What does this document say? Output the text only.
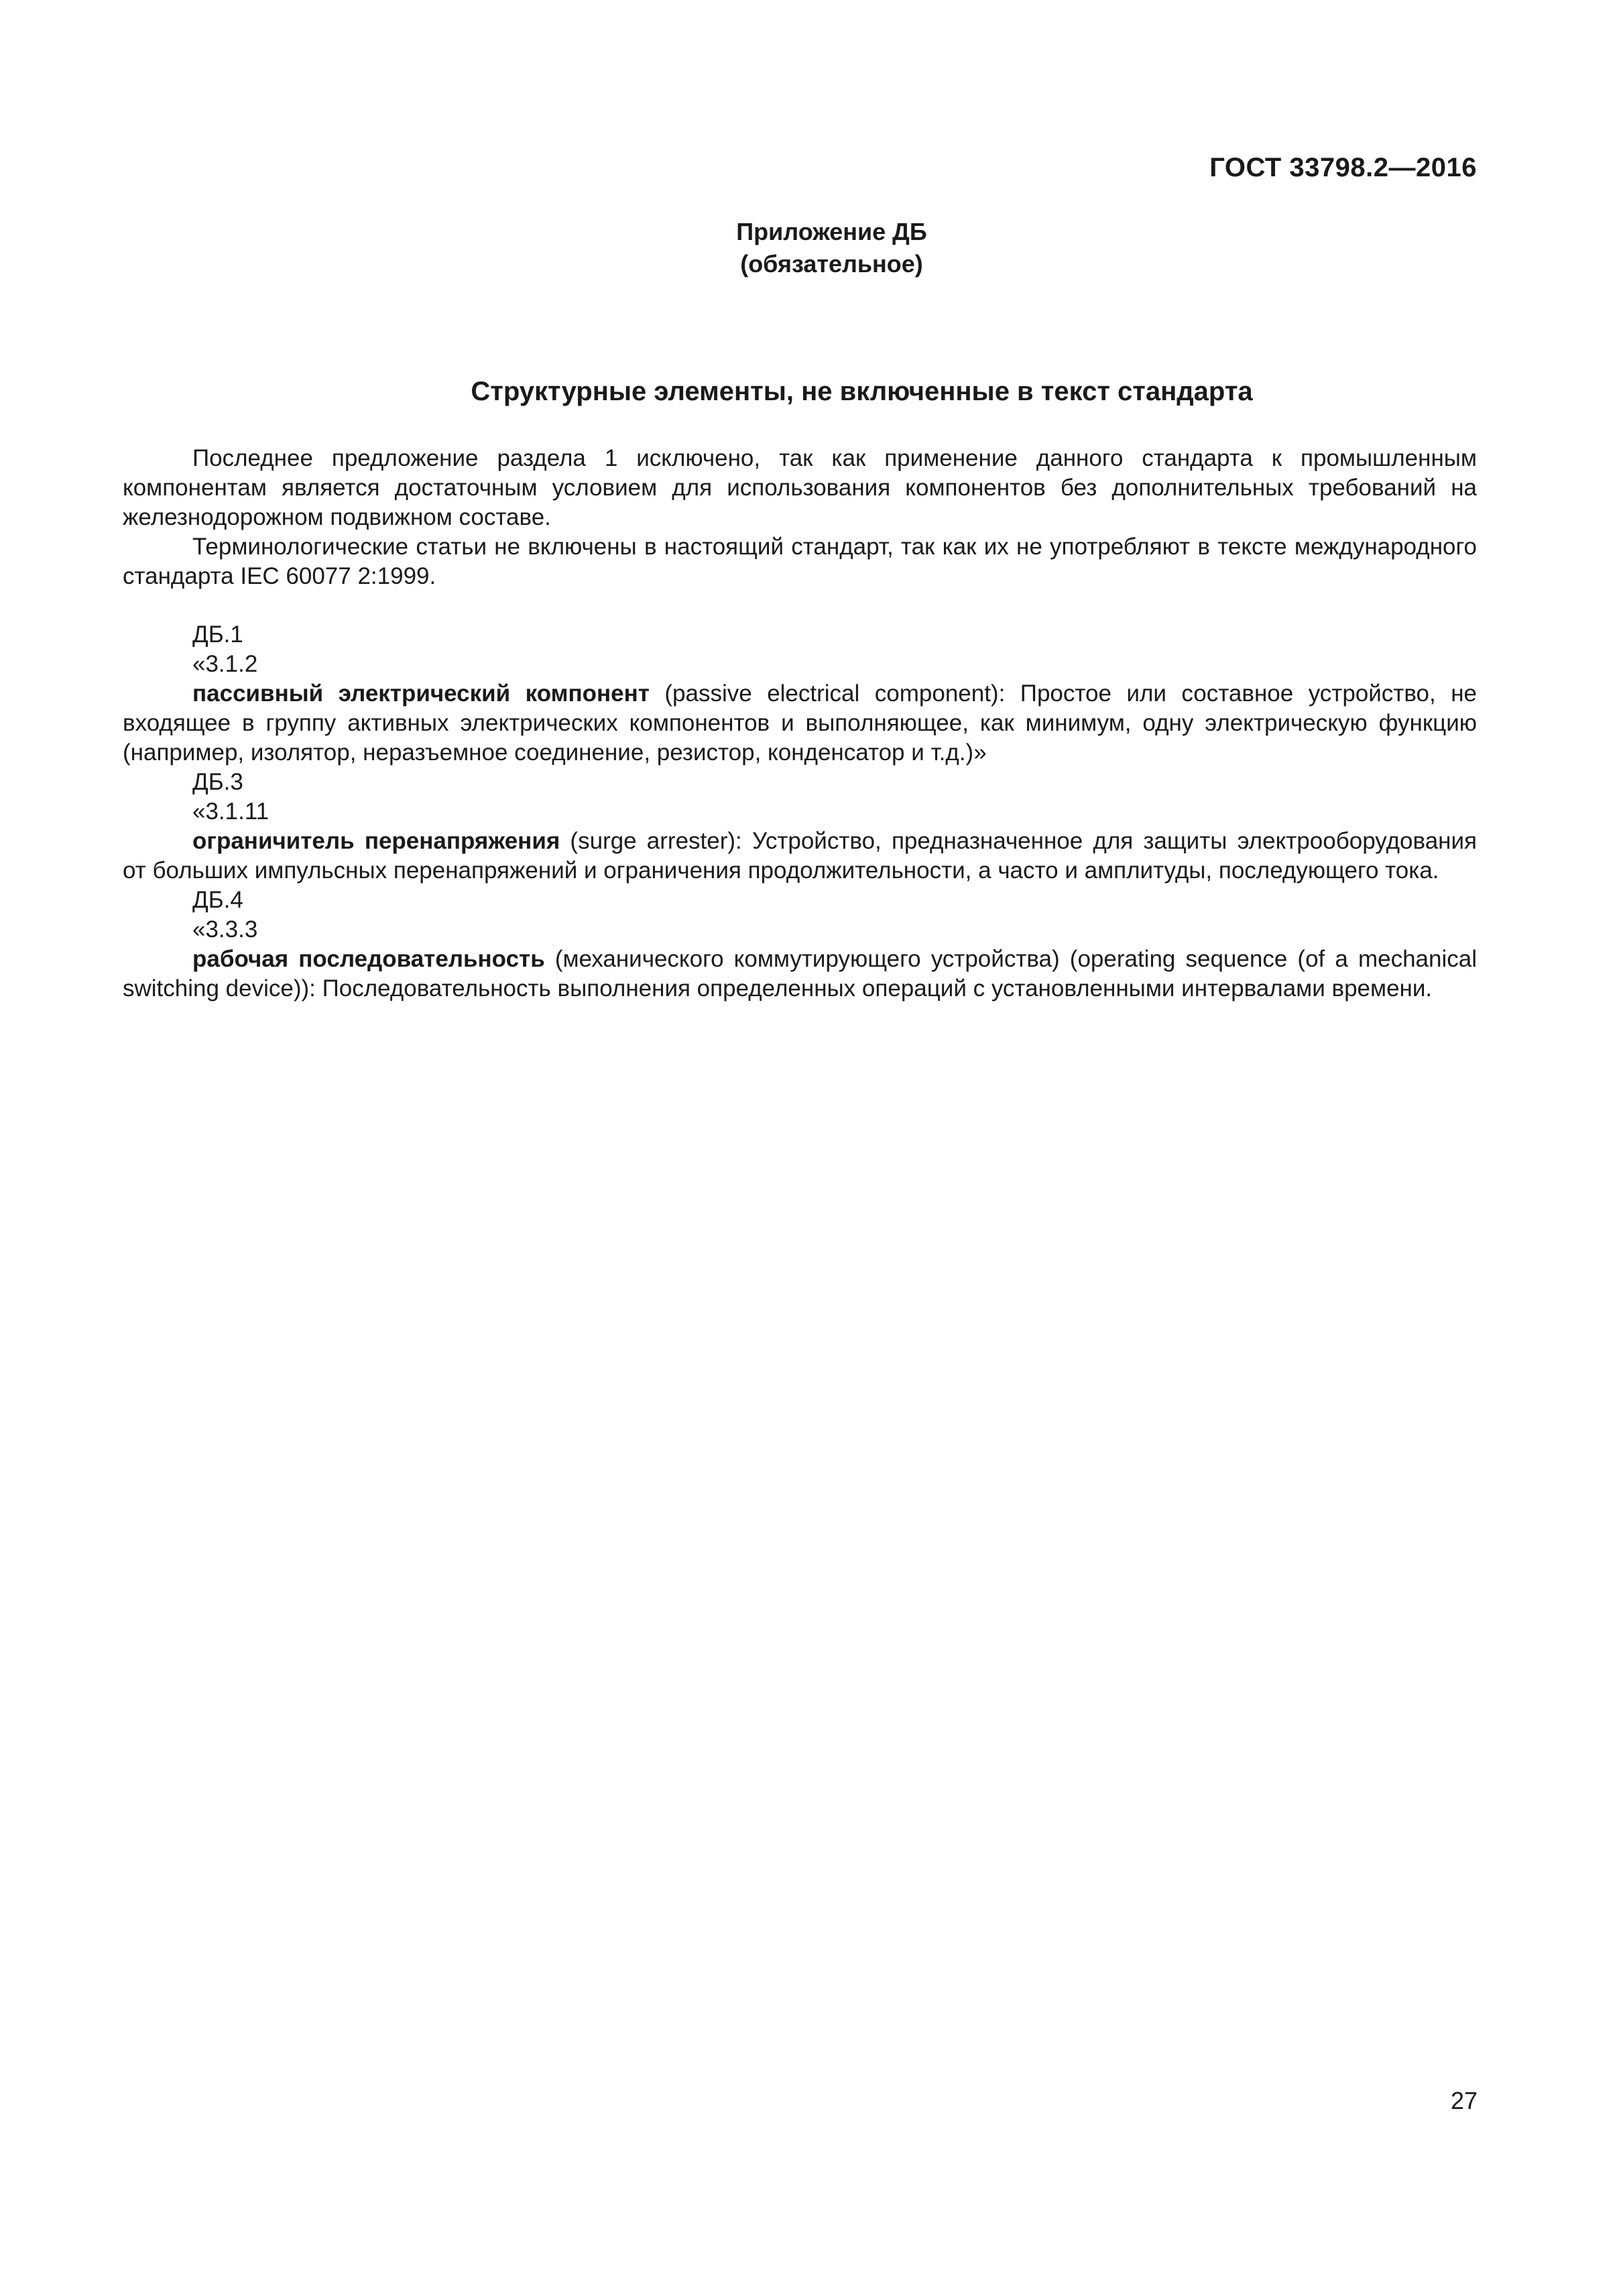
ГОСТ 33798.2—2016
Приложение ДБ
(обязательное)
Структурные элементы, не включенные в текст стандарта

Последнее предложение раздела 1 исключено, так как применение данного стандарта к промышленным компонентам является достаточным условием для использования компонентов без дополнительных требований на железнодорожном подвижном составе.

Терминологические статьи не включены в настоящий стандарт, так как их не употребляют в тексте международного стандарта IEC 60077 2:1999.

ДБ.1

«3.1.2

пассивный электрический компонент (passive electrical component): Простое или составное устройство, не входящее в группу активных электрических компонентов и выполняющее, как минимум, одну электрическую функцию (например, изолятор, неразъемное соединение, резистор, конденсатор и т.д.)»

ДБ.3

«3.1.11

ограничитель перенапряжения (surge arrester): Устройство, предназначенное для защиты электрооборудования от больших импульсных перенапряжений и ограничения продолжительности, а часто и амплитуды, последующего тока.

ДБ.4

«3.3.3

рабочая последовательность (механического коммутирующего устройства) (operating sequence (of a mechanical switching device)): Последовательность выполнения определенных операций с установленными интервалами времени.

27
